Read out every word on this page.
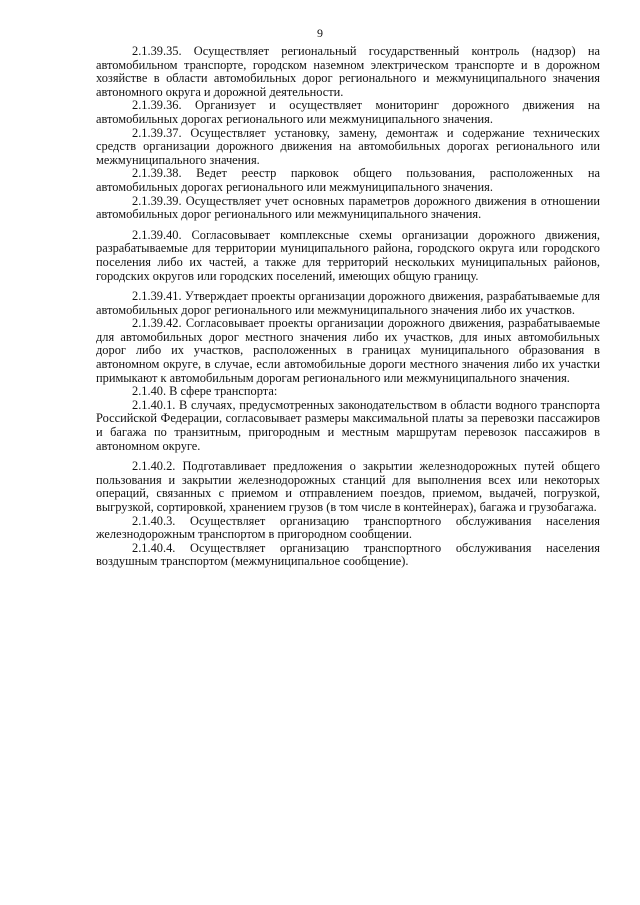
9

2.1.39.35. Осуществляет региональный государственный контроль (надзор) на автомобильном транспорте, городском наземном электрическом транспорте и в дорожном хозяйстве в области автомобильных дорог регионального и межмуниципального значения автономного округа и дорожной деятельности.

2.1.39.36. Организует и осуществляет мониторинг дорожного движения на автомобильных дорогах регионального или межмуниципального значения.

2.1.39.37. Осуществляет установку, замену, демонтаж и содержание технических средств организации дорожного движения на автомобильных дорогах регионального или межмуниципального значения.

2.1.39.38. Ведет реестр парковок общего пользования, расположенных на автомобильных дорогах регионального или межмуниципального значения.

2.1.39.39. Осуществляет учет основных параметров дорожного движения в отношении автомобильных дорог регионального или межмуниципального значения.

2.1.39.40. Согласовывает комплексные схемы организации дорожного движения, разрабатываемые для территории муниципального района, городского округа или городского поселения либо их частей, а также для территорий нескольких муниципальных районов, городских округов или городских поселений, имеющих общую границу.

2.1.39.41. Утверждает проекты организации дорожного движения, разрабатываемые для автомобильных дорог регионального или межмуниципального значения либо их участков.

2.1.39.42. Согласовывает проекты организации дорожного движения, разрабатываемые для автомобильных дорог местного значения либо их участков, для иных автомобильных дорог либо их участков, расположенных в границах муниципального образования в автономном округе, в случае, если автомобильные дороги местного значения либо их участки примыкают к автомобильным дорогам регионального или межмуниципального значения.

2.1.40. В сфере транспорта:

2.1.40.1. В случаях, предусмотренных законодательством в области водного транспорта Российской Федерации, согласовывает размеры максимальной платы за перевозки пассажиров и багажа по транзитным, пригородным и местным маршрутам перевозок пассажиров в автономном округе.

2.1.40.2. Подготавливает предложения о закрытии железнодорожных путей общего пользования и закрытии железнодорожных станций для выполнения всех или некоторых операций, связанных с приемом и отправлением поездов, приемом, выдачей, погрузкой, выгрузкой, сортировкой, хранением грузов (в том числе в контейнерах), багажа и грузобагажа.

2.1.40.3. Осуществляет организацию транспортного обслуживания населения железнодорожным транспортом в пригородном сообщении.

2.1.40.4. Осуществляет организацию транспортного обслуживания населения воздушным транспортом (межмуниципальное сообщение).
